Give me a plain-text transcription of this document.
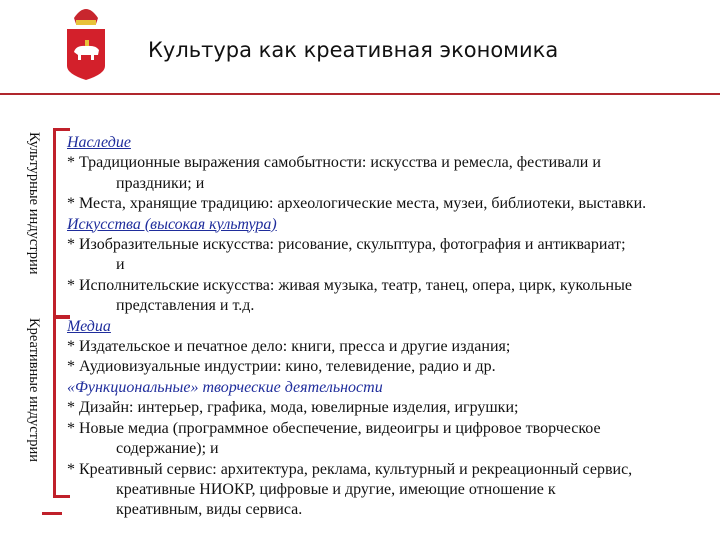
Культура как креативная экономика
Культурные индустрии
Креативные индустрии
Наследие
* Традиционные выражения самобытности: искусства и ремесла, фестивали и
праздники; и
* Места, хранящие традицию: археологические места, музеи, библиотеки, выставки.
Искусства (высокая культура)
* Изобразительные искусства: рисование, скульптура, фотография и антиквариат;
и
* Исполнительские искусства: живая музыка, театр, танец, опера, цирк, кукольные
представления и т.д.
Медиа
* Издательское и печатное дело: книги, пресса и другие издания;
* Аудиовизуальные индустрии: кино, телевидение, радио и др.
«Функциональные» творческие деятельности
* Дизайн: интерьер, графика, мода, ювелирные изделия, игрушки;
* Новые медиа (программное обеспечение, видеоигры и цифровое творческое
содержание); и
* Креативный сервис: архитектура, реклама, культурный и рекреационный сервис,
креативные НИОКР, цифровые и другие, имеющие отношение к
креативным, виды сервиса.
